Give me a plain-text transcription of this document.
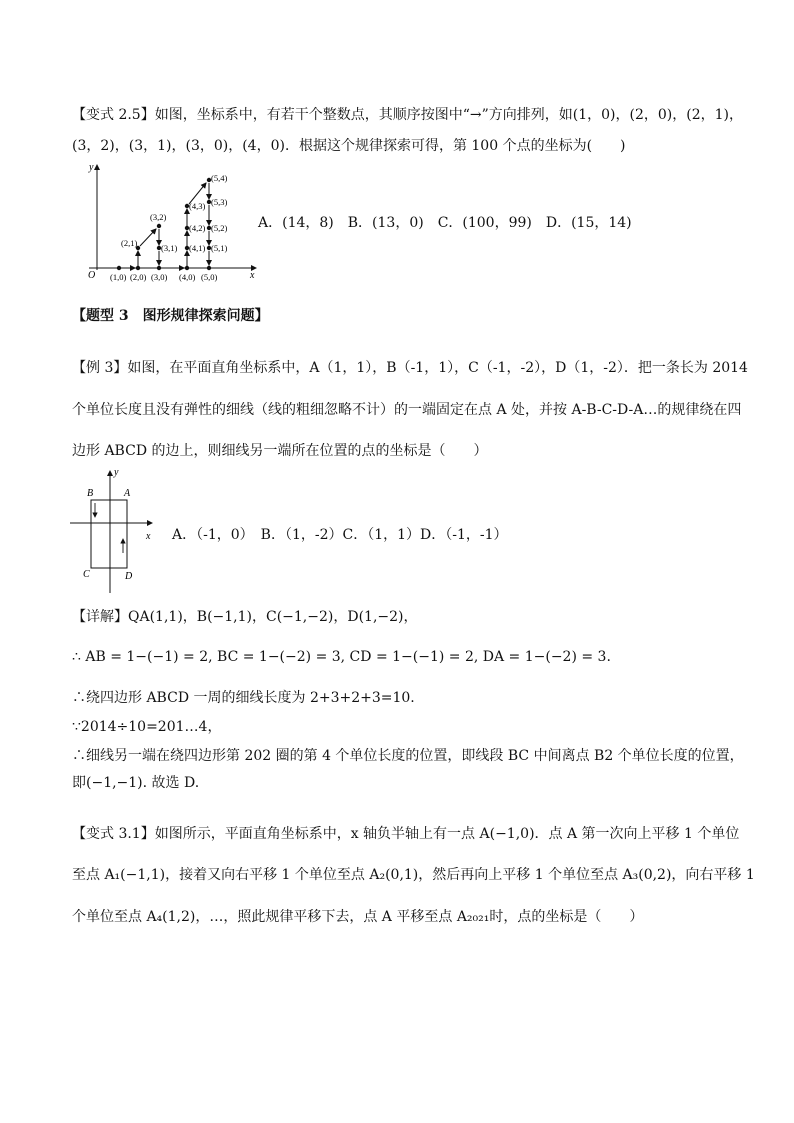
【变式 2.5】如图，坐标系中，有若干个整数点，其顺序按图中“→”方向排列，如(1，0)，(2，0)，(2，1)，
(3，2)，(3，1)，(3，0)，(4，0)．根据这个规律探索可得，第 100 个点的坐标为(　　)
y
x
O (1,0) (2,0) (3,0) (4,0) (5,0)
(2,1)	(3,1)
(3,2)
(4,1)
(4,2)
(4,3)
(5,1)
(5,2)
(5,3)
(5,4)
A．(14，8)　B．(13，0)　C．(100，99)　D．(15，14)
【题型 3　图形规律探索问题】
【例 3】如图，在平面直角坐标系中，A（1，1），B（-1，1），C（-1，-2），D（1，-2）．把一条长为 2014
个单位长度且没有弹性的细线（线的粗细忽略不计）的一端固定在点 A 处，并按 A-B-C-D-A…的规律绕在四
边形 ABCD 的边上，则细线另一端所在位置的点的坐标是（　　）
y
x
B	A
C	D
A．（-1，0）　B．（1，-2）C．（1，1）D．（-1，-1）
【详解】QA(1,1)，B(−1,1)，C(−1,−2)，D(1,−2)，
∴ AB = 1−(−1) = 2, BC = 1−(−2) = 3, CD = 1−(−1) = 2, DA = 1−(−2) = 3.
∴绕四边形 ABCD 一周的细线长度为 2+3+2+3=10.
∵2014÷10=201…4，
∴细线另一端在绕四边形第 202 圈的第 4 个单位长度的位置，即线段 BC 中间离点 B2 个单位长度的位置，
即(−1,−1). 故选 D.
【变式 3.1】如图所示，平面直角坐标系中，x 轴负半轴上有一点 A(−1,0)．点 A 第一次向上平移 1 个单位
至点 A₁(−1,1)，接着又向右平移 1 个单位至点 A₂(0,1)，然后再向上平移 1 个单位至点 A₃(0,2)，向右平移 1
个单位至点 A₄(1,2)，…，照此规律平移下去，点 A 平移至点 A₂₀₂₁时，点的坐标是（　　）
